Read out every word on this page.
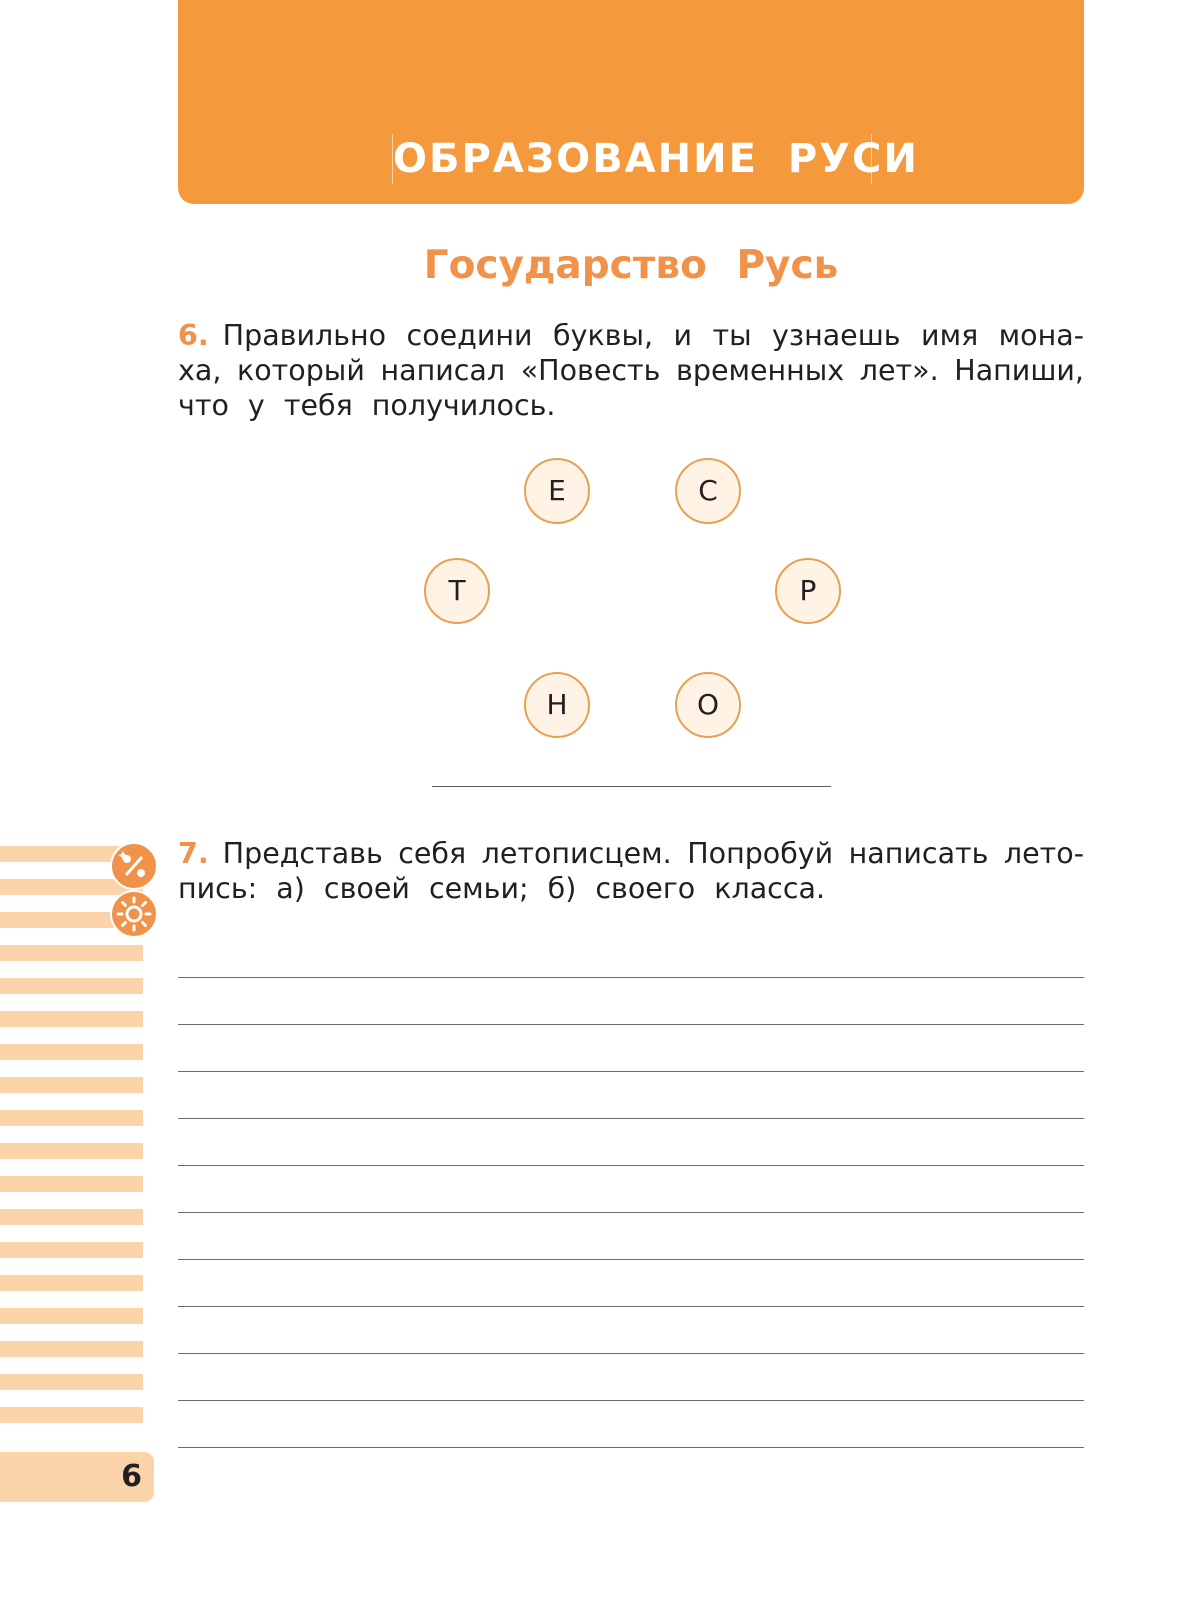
ОБРАЗОВАНИЕ РУСИ
Государство Русь

6. Правильно соедини буквы, и ты узнаешь имя мона-
ха, который написал «Повесть временных лет». Напиши,
что у тебя получилось.

Е	С
Т	Р
Н	О

7. Представь себя летописцем. Попробуй написать лето-
пись: а) своей семьи; б) своего класса.

6
